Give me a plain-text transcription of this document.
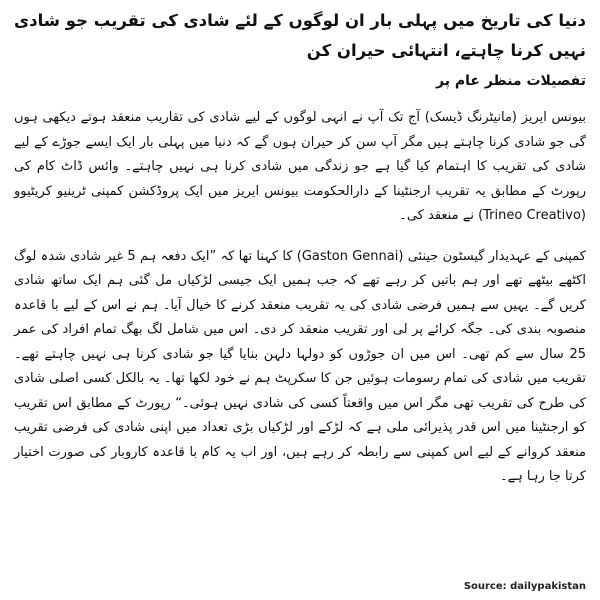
دنیا کی تاریخ میں پہلی بار ان لوگوں کے لئے شادی کی تقریب جو شادی نہیں کرنا چاہتے، انتہائی حیران کن
تفصیلات منظر عام پر

بیونس ایریز (مانیٹرنگ ڈیسک) آج تک آپ نے انہی لوگوں کے لیے شادی کی تقاریب منعقد ہوتے دیکھی ہوں گی جو شادی کرنا چاہتے ہیں مگر آپ سن کر حیران ہوں گے کہ دنیا میں پہلی بار ایک ایسے جوڑے کے لیے شادی کی تقریب کا اہتمام کیا گیا ہے جو زندگی میں شادی کرنا ہی نہیں چاہتے۔ وائس ڈاٹ کام کی رپورٹ کے مطابق یہ تقریب ارجنٹینا کے دارالحکومت بیونس ایریز میں ایک پروڈکشن کمپنی ٹرینیو کریٹیوو (Trineo Creativo) نے منعقد کی۔

کمپنی کے عہدیدار گیسٹون جینئی (Gaston Gennai) کا کہنا تھا کہ ”ایک دفعہ ہم 5 غیر شادی شدہ لوگ اکٹھے بیٹھے تھے اور ہم باتیں کر رہے تھے کہ جب ہمیں ایک جیسی لڑکیاں مل گئی ہم ایک ساتھ شادی کریں گے۔ یہیں سے ہمیں فرضی شادی کی یہ تقریب منعقد کرنے کا خیال آیا۔ ہم نے اس کے لیے با قاعدہ منصوبہ بندی کی۔ جگہ کرائے پر لی اور تقریب منعقد کر دی۔ اس میں شامل لگ بھگ تمام افراد کی عمر 25 سال سے کم تھی۔ اس میں ان جوڑوں کو دولہا دلہن بنایا گیا جو شادی کرنا ہی نہیں چاہتے تھے۔ تقریب میں شادی کی تمام رسومات ہوئیں جن کا سکرپٹ ہم نے خود لکھا تھا۔ یہ بالکل کسی اصلی شادی کی طرح کی تقریب تھی مگر اس میں واقعتاً کسی کی شادی نہیں ہوئی۔“ رپورٹ کے مطابق اس تقریب کو ارجنٹینا میں اس قدر پذیرائی ملی ہے کہ لڑکے اور لڑکیاں بڑی تعداد میں اپنی شادی کی فرضی تقریب منعقد کروانے کے لیے اس کمپنی سے رابطہ کر رہے ہیں، اور اب یہ کام با قاعدہ کاروبار کی صورت اختیار کرتا جا رہا ہے۔

Source: dailypakistan
